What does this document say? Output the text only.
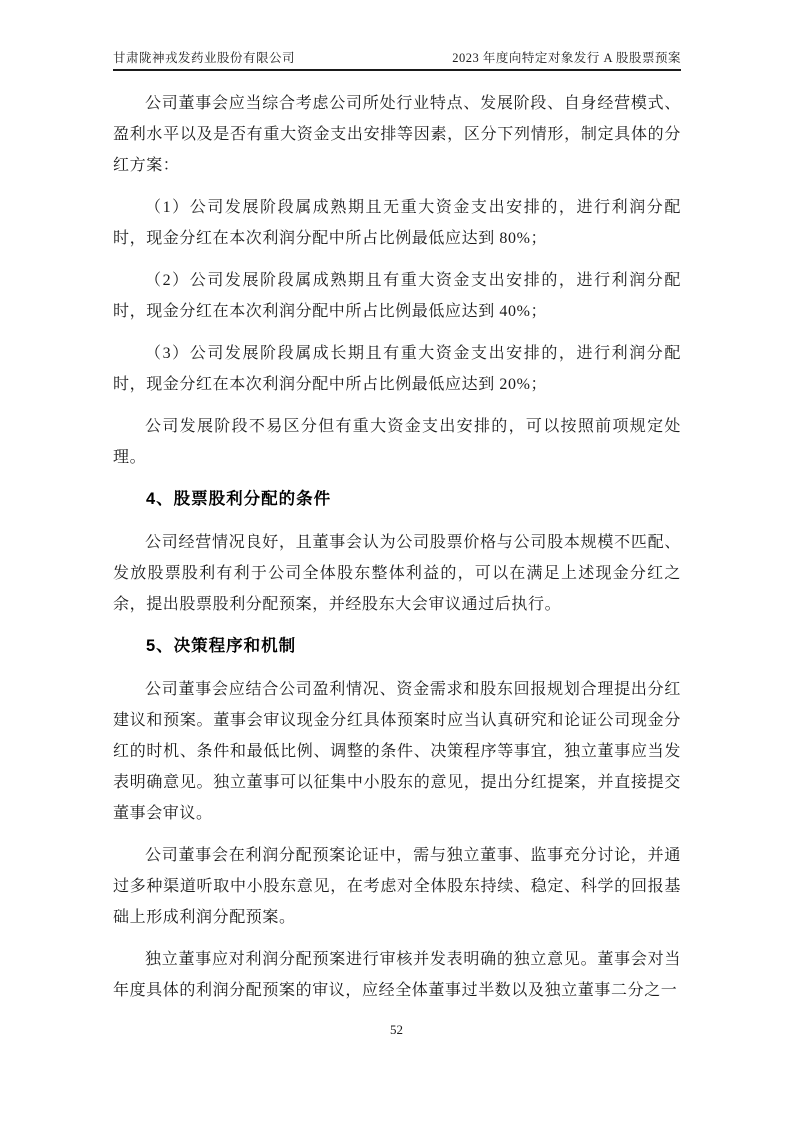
甘肃陇神戎发药业股份有限公司	2023 年度向特定对象发行 A 股股票预案

公司董事会应当综合考虑公司所处行业特点、发展阶段、自身经营模式、盈利水平以及是否有重大资金支出安排等因素，区分下列情形，制定具体的分红方案：

（1）公司发展阶段属成熟期且无重大资金支出安排的，进行利润分配时，现金分红在本次利润分配中所占比例最低应达到 80%；

（2）公司发展阶段属成熟期且有重大资金支出安排的，进行利润分配时，现金分红在本次利润分配中所占比例最低应达到 40%；

（3）公司发展阶段属成长期且有重大资金支出安排的，进行利润分配时，现金分红在本次利润分配中所占比例最低应达到 20%；

公司发展阶段不易区分但有重大资金支出安排的，可以按照前项规定处理。

4、股票股利分配的条件

公司经营情况良好，且董事会认为公司股票价格与公司股本规模不匹配、发放股票股利有利于公司全体股东整体利益的，可以在满足上述现金分红之余，提出股票股利分配预案，并经股东大会审议通过后执行。

5、决策程序和机制

公司董事会应结合公司盈利情况、资金需求和股东回报规划合理提出分红建议和预案。董事会审议现金分红具体预案时应当认真研究和论证公司现金分红的时机、条件和最低比例、调整的条件、决策程序等事宜，独立董事应当发表明确意见。独立董事可以征集中小股东的意见，提出分红提案，并直接提交董事会审议。

公司董事会在利润分配预案论证中，需与独立董事、监事充分讨论，并通过多种渠道听取中小股东意见，在考虑对全体股东持续、稳定、科学的回报基础上形成利润分配预案。

独立董事应对利润分配预案进行审核并发表明确的独立意见。董事会对当年度具体的利润分配预案的审议，应经全体董事过半数以及独立董事二分之一

52
